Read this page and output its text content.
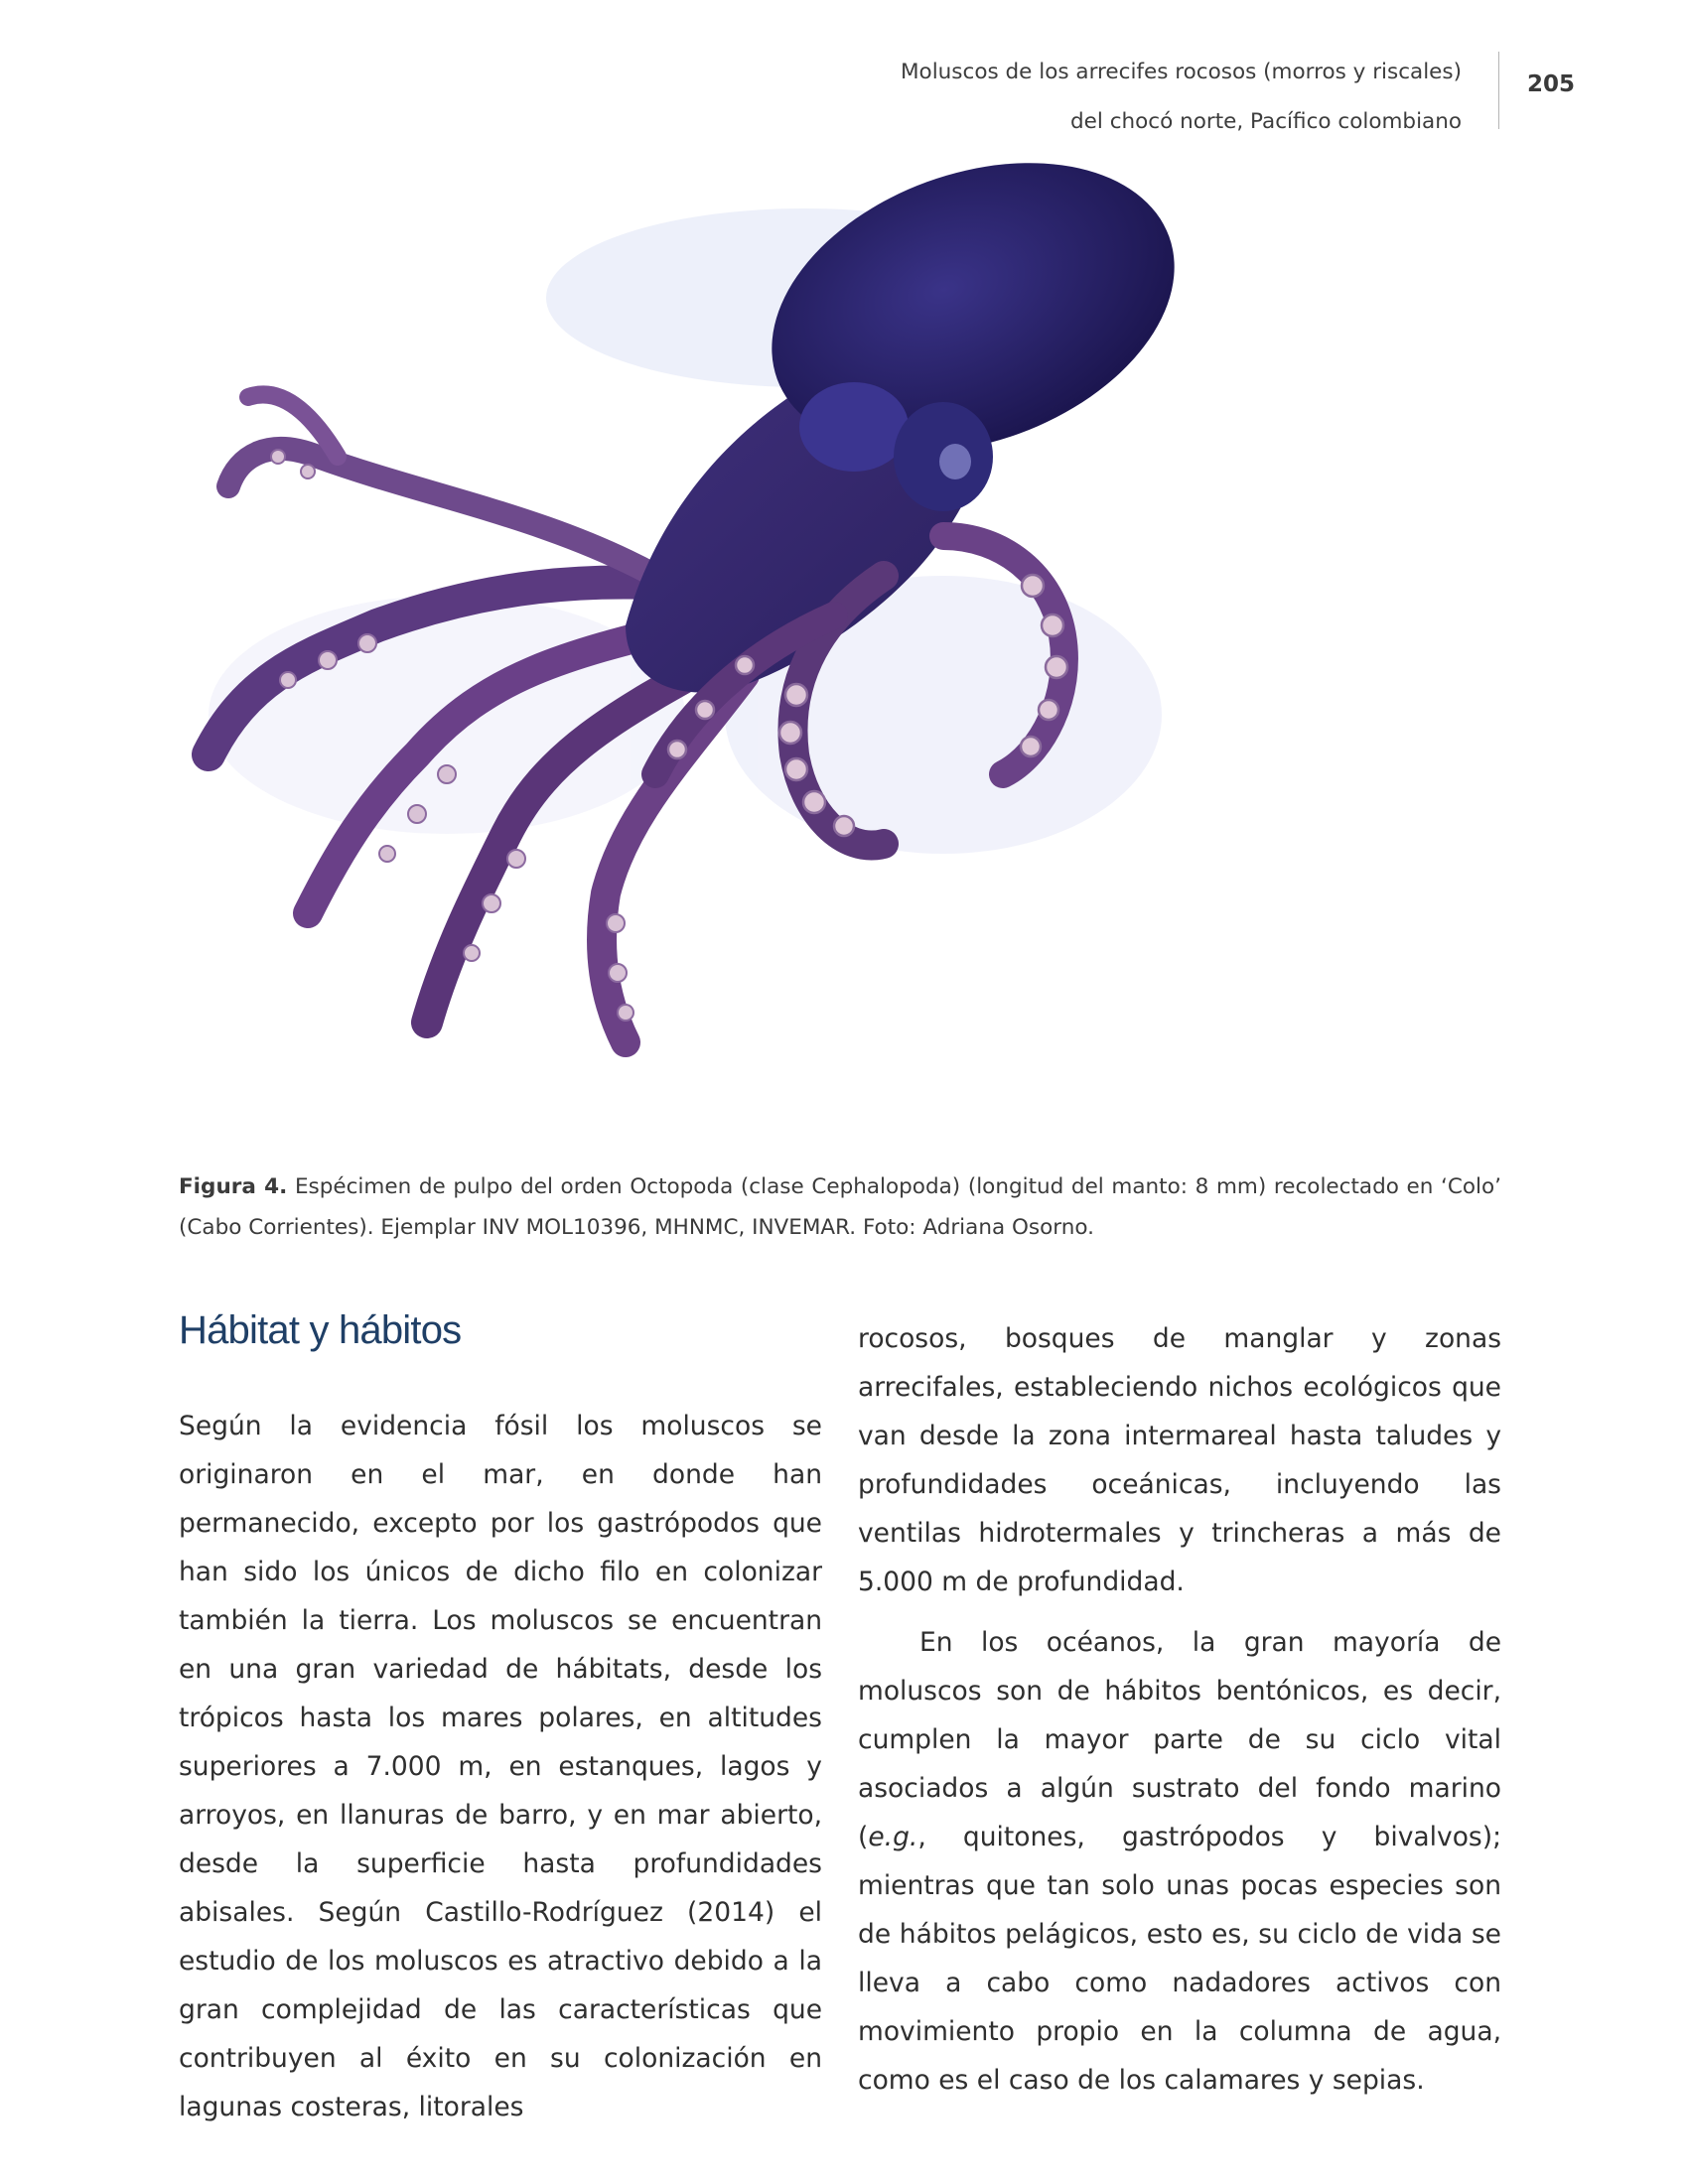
Moluscos de los arrecifes rocosos (morros y riscales)
del chocó norte, Pacífico colombiano
205
Figura 4. Espécimen de pulpo del orden Octopoda (clase Cephalopoda) (longitud del manto: 8 mm) recolectado en ‘Colo’ (Cabo Corrientes). Ejemplar INV MOL10396, MHNMC, INVEMAR. Foto: Adriana Osorno.
Hábitat y hábitos

Según la evidencia fósil los moluscos se originaron en el mar, en donde han permanecido, excepto por los gastrópodos que han sido los únicos de dicho filo en colonizar también la tierra. Los moluscos se encuentran en una gran variedad de hábitats, desde los trópicos hasta los mares polares, en altitudes superiores a 7.000 m, en estanques, lagos y arroyos, en llanuras de barro, y en mar abierto, desde la superficie hasta profundidades abisales. Según Castillo-Rodríguez (2014) el estudio de los moluscos es atractivo debido a la gran complejidad de las características que contribuyen al éxito en su colonización en lagunas costeras, litorales

rocosos, bosques de manglar y zonas arrecifales, estableciendo nichos ecológicos que van desde la zona intermareal hasta taludes y profundidades oceánicas, incluyendo las ventilas hidrotermales y trincheras a más de 5.000 m de profundidad.

En los océanos, la gran mayoría de moluscos son de hábitos bentónicos, es decir, cumplen la mayor parte de su ciclo vital asociados a algún sustrato del fondo marino (e.g., quitones, gastrópodos y bivalvos); mientras que tan solo unas pocas especies son de hábitos pelágicos, esto es, su ciclo de vida se lleva a cabo como nadadores activos con movimiento propio en la columna de agua, como es el caso de los calamares y sepias.
